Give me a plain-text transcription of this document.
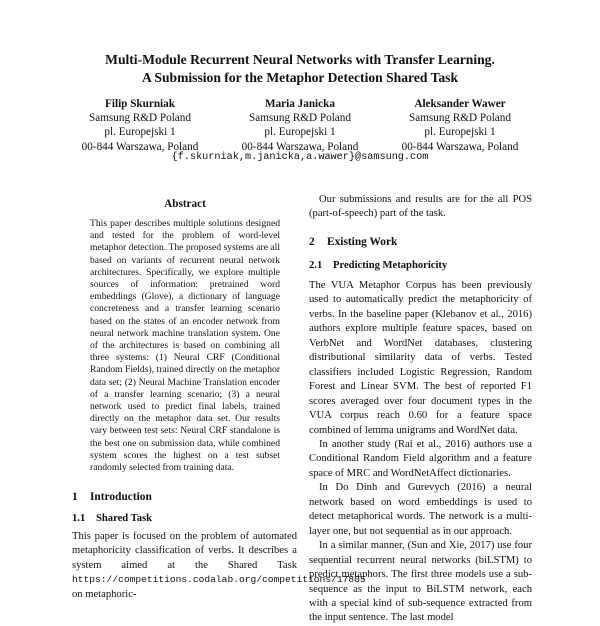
Multi-Module Recurrent Neural Networks with Transfer Learning.
A Submission for the Metaphor Detection Shared Task
Filip Skurniak
Samsung R&D Poland
pl. Europejski 1
00-844 Warszawa, Poland
Maria Janicka
Samsung R&D Poland
pl. Europejski 1
00-844 Warszawa, Poland
Aleksander Wawer
Samsung R&D Poland
pl. Europejski 1
00-844 Warszawa, Poland
{f.skurniak,m.janicka,a.wawer}@samsung.com
Abstract
This paper describes multiple solutions designed and tested for the problem of word-level metaphor detection. The proposed systems are all based on variants of recurrent neural network architectures. Specifically, we explore multiple sources of information: pretrained word embeddings (Glove), a dictionary of language concreteness and a transfer learning scenario based on the states of an encoder network from neural network machine translation system. One of the architectures is based on combining all three systems: (1) Neural CRF (Conditional Random Fields), trained directly on the metaphor data set; (2) Neural Machine Translation encoder of a transfer learning scenario; (3) a neural network used to predict final labels, trained directly on the metaphor data set. Our results vary between test sets: Neural CRF standalone is the best one on submission data, while combined system scores the highest on a test subset randomly selected from training data.
1 Introduction
1.1 Shared Task
This paper is focused on the problem of automated metaphoricity classification of verbs. It describes a system aimed at the Shared Task https://competitions.codalab.org/competitions/17805 on metaphoric-

Our submissions and results are for the all POS (part-of-speech) part of the task.

2 Existing Work
2.1 Predicting Metaphoricity

The VUA Metaphor Corpus has been previously used to automatically predict the metaphoricity of verbs. In the baseline paper (Klebanov et al., 2016) authors explore multiple feature spaces, based on VerbNet and WordNet databases, clustering distributional similarity data of verbs. Tested classifiers included Logistic Regression, Random Forest and Linear SVM. The best of reported F1 scores averaged over four document types in the VUA corpus reach 0.60 for a feature space combined of lemma unigrams and WordNet data.

In another study (Rai et al., 2016) authors use a Conditional Random Field algorithm and a feature space of MRC and WordNetAffect dictionaries.

In Do Dinh and Gurevych (2016) a neural network based on word embeddings is used to detect metaphorical words. The network is a multi-layer one, but not sequential as in our approach.

In a similar manner, (Sun and Xie, 2017) use four sequential recurrent neural networks (biLSTM) to predict metaphors. The first three models use a sub-sequence as the input to BiLSTM network, each with a special kind of sub-sequence extracted from the input sentence. The last model
